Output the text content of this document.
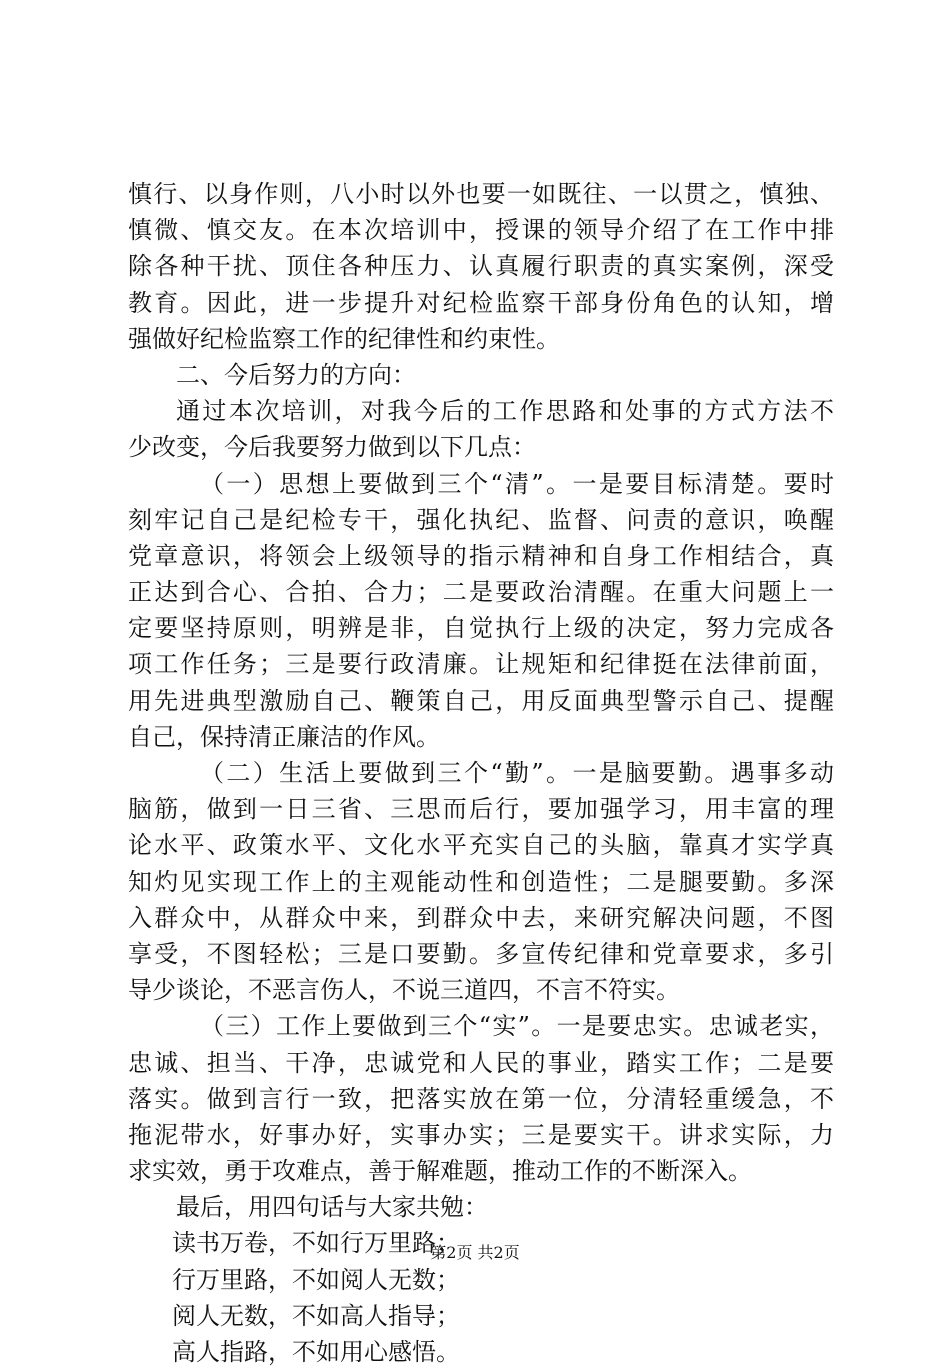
慎行、以身作则，八小时以外也要一如既往、一以贯之，慎独、
慎微、慎交友。在本次培训中，授课的领导介绍了在工作中排
除各种干扰、顶住各种压力、认真履行职责的真实案例，深受
教育。因此，进一步提升对纪检监察干部身份角色的认知，增
强做好纪检监察工作的纪律性和约束性。
二、今后努力的方向：
通过本次培训，对我今后的工作思路和处事的方式方法不
少改变，今后我要努力做到以下几点：
（一）思想上要做到三个“清”。一是要目标清楚。要时
刻牢记自己是纪检专干，强化执纪、监督、问责的意识，唤醒
党章意识，将领会上级领导的指示精神和自身工作相结合，真
正达到合心、合拍、合力；二是要政治清醒。在重大问题上一
定要坚持原则，明辨是非，自觉执行上级的决定，努力完成各
项工作任务；三是要行政清廉。让规矩和纪律挺在法律前面，
用先进典型激励自己、鞭策自己，用反面典型警示自己、提醒
自己，保持清正廉洁的作风。
（二）生活上要做到三个“勤”。一是脑要勤。遇事多动
脑筋，做到一日三省、三思而后行，要加强学习，用丰富的理
论水平、政策水平、文化水平充实自己的头脑，靠真才实学真
知灼见实现工作上的主观能动性和创造性；二是腿要勤。多深
入群众中，从群众中来，到群众中去，来研究解决问题，不图
享受，不图轻松；三是口要勤。多宣传纪律和党章要求，多引
导少谈论，不恶言伤人，不说三道四，不言不符实。
（三）工作上要做到三个“实”。一是要忠实。忠诚老实，
忠诚、担当、干净，忠诚党和人民的事业，踏实工作；二是要
落实。做到言行一致，把落实放在第一位，分清轻重缓急，不
拖泥带水，好事办好，实事办实；三是要实干。讲求实际，力
求实效，勇于攻难点，善于解难题，推动工作的不断深入。
最后，用四句话与大家共勉：
读书万卷，不如行万里路；
行万里路，不如阅人无数；
阅人无数，不如高人指导；
高人指路，不如用心感悟。
第2页 共2页
